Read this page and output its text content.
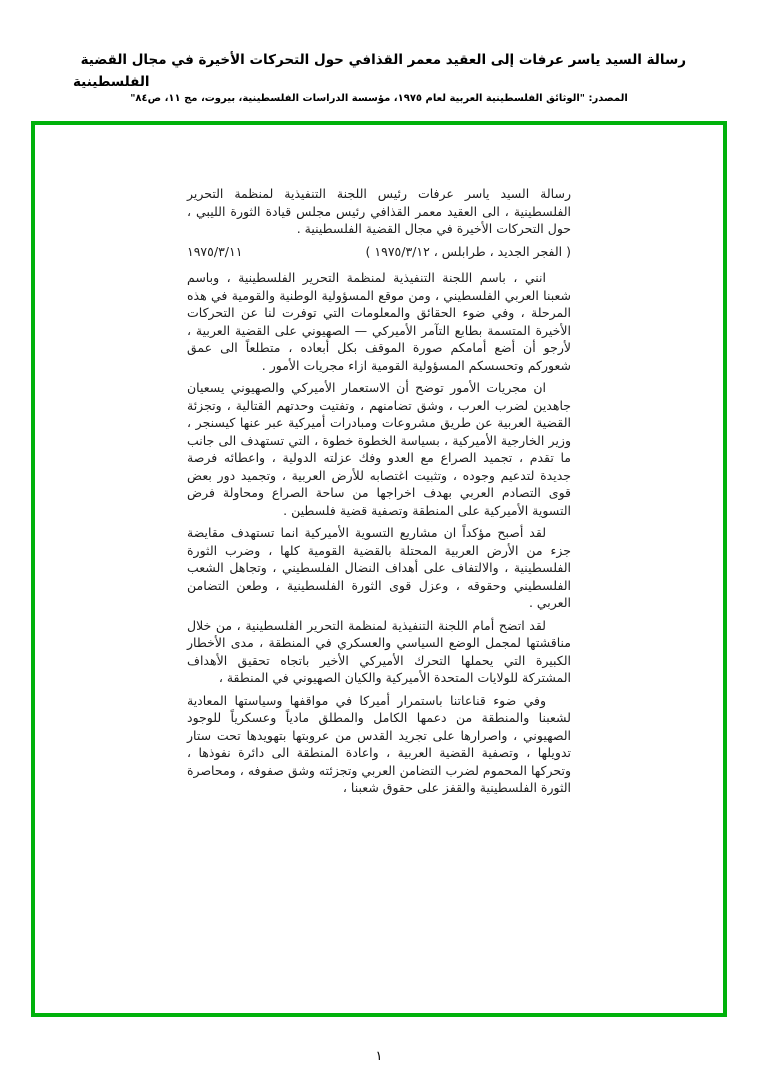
رسالة السيد ياسر عرفات إلى العقيد معمر القذافي حول التحركات الأخيرة في مجال القضية
الفلسطينية
المصدر: "الوثائق الفلسطينية العربية لعام ١٩٧٥، مؤسسة الدراسات الفلسطينية، بيروت، مج ١١، ص٨٤"

رسالة السيد ياسر عرفات رئيس اللجنة التنفيذية لمنظمة التحرير الفلسطينية ، الى العقيد معمر القذافي رئيس مجلس قيادة الثورة الليبي ، حول التحركات الأخيرة في مجال القضية الفلسطينية .

( الفجر الجديد ، طرابلس ، ١٩٧٥/٣/١٢ )
١٩٧٥/٣/١١

انني ، باسم اللجنة التنفيذية لمنظمة التحرير الفلسطينية ، وباسم شعبنا العربي الفلسطيني ، ومن موقع المسؤولية الوطنية والقومية في هذه المرحلة ، وفي ضوء الحقائق والمعلومات التي توفرت لنا عن التحركات الأخيرة المتسمة بطابع التآمر الأميركي — الصهيوني على القضية العربية ، لأرجو أن أضع أمامكم صورة الموقف بكل أبعاده ، متطلعاً الى عمق شعوركم وتحسسكم المسؤولية القومية ازاء مجريات الأمور .

ان مجريات الأمور توضح أن الاستعمار الأميركي والصهيوني يسعيان جاهدين لضرب العرب ، وشق تضامنهم ، وتفتيت وحدتهم القتالية ، وتجزئة القضية العربية عن طريق مشروعات ومبادرات أميركية عبر عنها كيسنجر ، وزير الخارجية الأميركية ، بسياسة الخطوة خطوة ، التي تستهدف الى جانب ما تقدم ، تجميد الصراع مع العدو وفك عزلته الدولية ، واعطائه فرصة جديدة لتدعيم وجوده ، وتثبيت اغتصابه للأرض العربية ، وتجميد دور بعض قوى التصادم العربي بهدف اخراجها من ساحة الصراع ومحاولة فرض التسوية الأميركية على المنطقة وتصفية قضية فلسطين .

لقد أصبح مؤكداً ان مشاريع التسوية الأميركية انما تستهدف مقايضة جزء من الأرض العربية المحتلة بالقضية القومية كلها ، وضرب الثورة الفلسطينية ، والالتفاف على أهداف النضال الفلسطيني ، وتجاهل الشعب الفلسطيني وحقوقه ، وعزل قوى الثورة الفلسطينية ، وطعن التضامن العربي .

لقد اتضح أمام اللجنة التنفيذية لمنظمة التحرير الفلسطينية ، من خلال مناقشتها لمجمل الوضع السياسي والعسكري في المنطقة ، مدى الأخطار الكبيرة التي يحملها التحرك الأميركي الأخير باتجاه تحقيق الأهداف المشتركة للولايات المتحدة الأميركية والكيان الصهيوني في المنطقة ،

وفي ضوء قناعاتنا باستمرار أميركا في مواقفها وسياستها المعادية لشعبنا والمنطقة من دعمها الكامل والمطلق مادياً وعسكرياً للوجود الصهيوني ، واصرارها على تجريد القدس من عروبتها بتهويدها تحت ستار تدويلها ، وتصفية القضية العربية ، واعادة المنطقة الى دائرة نفوذها ، وتحركها المحموم لضرب التضامن العربي وتجزئته وشق صفوفه ، ومحاصرة الثورة الفلسطينية والقفز على حقوق شعبنا ،

١
